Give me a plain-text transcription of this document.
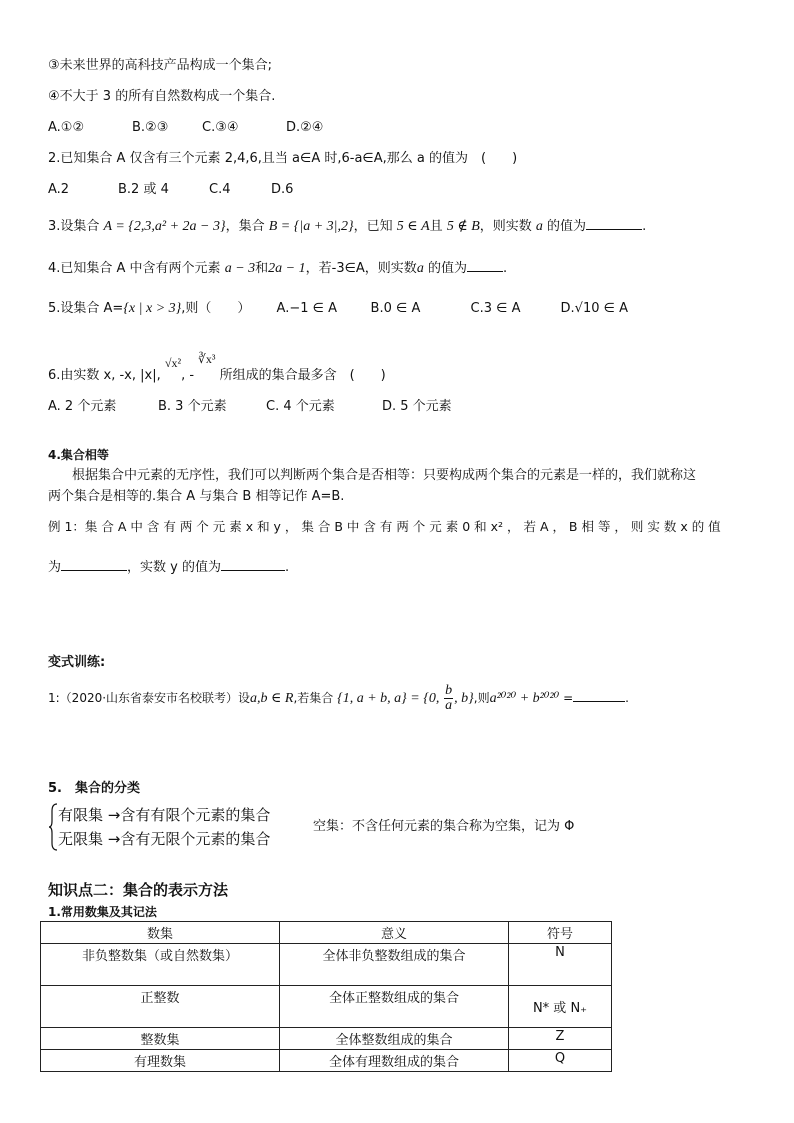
③未来世界的高科技产品构成一个集合;
④不大于 3 的所有自然数构成一个集合.
A.①②	B.②③	C.③④	D.②④
2.已知集合 A 仅含有三个元素 2,4,6,且当 a∈A 时,6-a∈A,那么 a 的值为　(　　)
A.2	B.2 或 4	C.4	D.6
3.设集合 A = {2,3,a² + 2a − 3}，集合 B = {|a + 3|,2}，已知 5 ∈ A且 5 ∉ B，则实数 a 的值为	.
4.已知集合 A 中含有两个元素 a − 3和2a − 1，若-3∈A，则实数a 的值为	.
5.设集合 A={x | x > 3},则（　　） A.−1 ∈ A	B.0 ∈ A	C.3 ∈ A	D.√10 ∈ A
6.由实数 x, -x, |x|, √x², - ∛x³ 所组成的集合最多含　(　　)
A. 2 个元素	B. 3 个元素	C. 4 个元素	D. 5 个元素
4.集合相等
根据集合中元素的无序性，我们可以判断两个集合是否相等：只要构成两个集合的元素是一样的，我们就称这
两个集合是相等的.集合 A 与集合 B 相等记作 A=B.
例 1：集 合 A 中 含 有 两 个 元 素 x 和 y ， 集 合 B 中 含 有 两 个 元 素 0 和 x² ， 若 A ， B 相 等 ， 则 实 数 x 的 值
为	，实数 y 的值为	.
变式训练:
1:（2020·山东省泰安市名校联考）设a,b ∈ R,若集合 {1, a + b, a} = {0, $\frac{b}{a}$ , b},则a²⁰²⁰ + b²⁰²⁰ =	.
5.　集合的分类
有限集 →含有有限个元素的集合
无限集 →含有无限个元素的集合
空集：不含任何元素的集合称为空集，记为 Φ
知识点二：集合的表示方法
1.常用数集及其记法
数集	意义	符号
非负整数集（或自然数集）	全体非负整数组成的集合	N
正整数	全体正整数组成的集合	N* 或 N₊
整数集	全体整数组成的集合	Z
有理数集	全体有理数组成的集合	Q
